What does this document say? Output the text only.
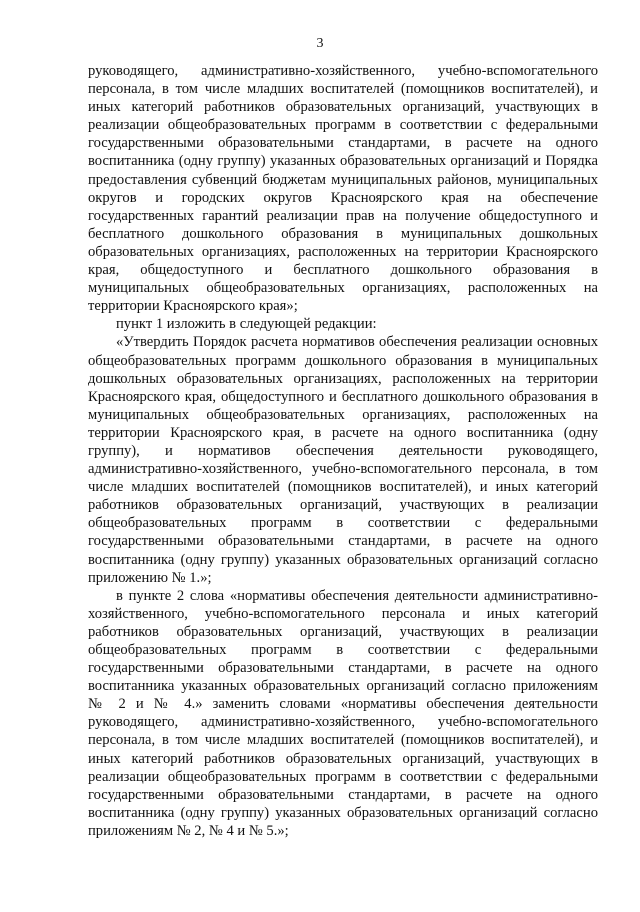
3

руководящего, административно-хозяйственного, учебно-вспомогательного персонала, в том числе младших воспитателей (помощников воспитателей), и иных категорий работников образовательных организаций, участвующих в реализации общеобразовательных программ в соответствии с федеральными государственными образовательными стандартами, в расчете на одного воспитанника (одну группу) указанных образовательных организаций и Порядка предоставления субвенций бюджетам муниципальных районов, муниципальных округов и городских округов Красноярского края на обеспечение государственных гарантий реализации прав на получение общедоступного и бесплатного дошкольного образования в муниципальных дошкольных образовательных организациях, расположенных на территории Красноярского края, общедоступного и бесплатного дошкольного образования в муниципальных общеобразовательных организациях, расположенных на территории Красноярского края»;

пункт 1 изложить в следующей редакции:

«Утвердить Порядок расчета нормативов обеспечения реализации основных общеобразовательных программ дошкольного образования в муниципальных дошкольных образовательных организациях, расположенных на территории Красноярского края, общедоступного и бесплатного дошкольного образования в муниципальных общеобразовательных организациях, расположенных на территории Красноярского края, в расчете на одного воспитанника (одну группу), и нормативов обеспечения деятельности руководящего, административно-хозяйственного, учебно-вспомогательного персонала, в том числе младших воспитателей (помощников воспитателей), и иных категорий работников образовательных организаций, участвующих в реализации общеобразовательных программ в соответствии с федеральными государственными образовательными стандартами, в расчете на одного воспитанника (одну группу) указанных образовательных организаций согласно приложению № 1.»;

в пункте 2 слова «нормативы обеспечения деятельности административно-хозяйственного, учебно-вспомогательного персонала и иных категорий работников образовательных организаций, участвующих в реализации общеобразовательных программ в соответствии с федеральными государственными образовательными стандартами, в расчете на одного воспитанника указанных образовательных организаций согласно приложениям № 2 и № 4.» заменить словами «нормативы обеспечения деятельности руководящего, административно-хозяйственного, учебно-вспомогательного персонала, в том числе младших воспитателей (помощников воспитателей), и иных категорий работников образовательных организаций, участвующих в реализации общеобразовательных программ в соответствии с федеральными государственными образовательными стандартами, в расчете на одного воспитанника (одну группу) указанных образовательных организаций согласно приложениям № 2, № 4 и № 5.»;
